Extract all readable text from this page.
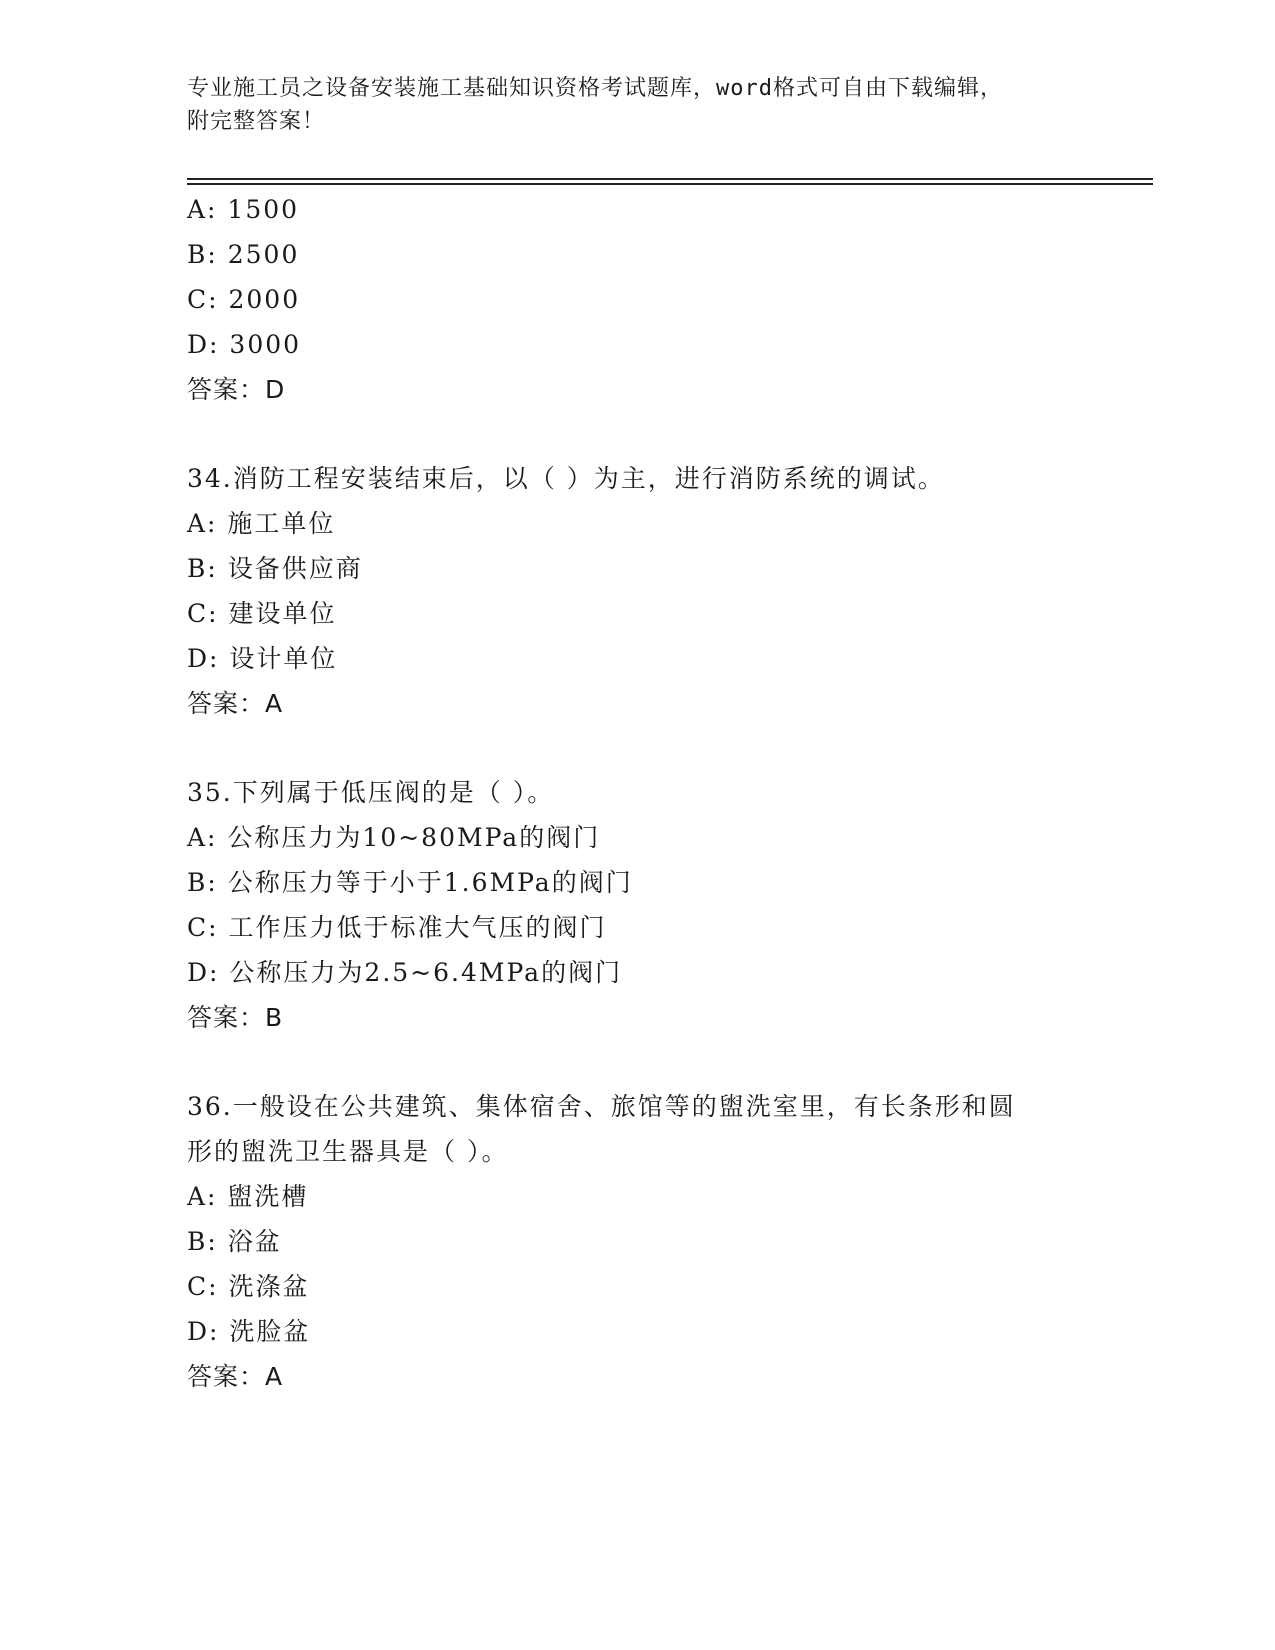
专业施工员之设备安装施工基础知识资格考试题库，word格式可自由下载编辑，
附完整答案！
A: 1500
B: 2500
C: 2000
D: 3000
答案：D
34.消防工程安装结束后，以（ ）为主，进行消防系统的调试。
A: 施工单位
B: 设备供应商
C: 建设单位
D: 设计单位
答案：A
35.下列属于低压阀的是（ ）。
A: 公称压力为10~80MPa的阀门
B: 公称压力等于小于1.6MPa的阀门
C: 工作压力低于标准大气压的阀门
D: 公称压力为2.5~6.4MPa的阀门
答案：B
36.一般设在公共建筑、集体宿舍、旅馆等的盥洗室里，有长条形和圆
形的盥洗卫生器具是（ ）。
A: 盥洗槽
B: 浴盆
C: 洗涤盆
D: 洗脸盆
答案：A
